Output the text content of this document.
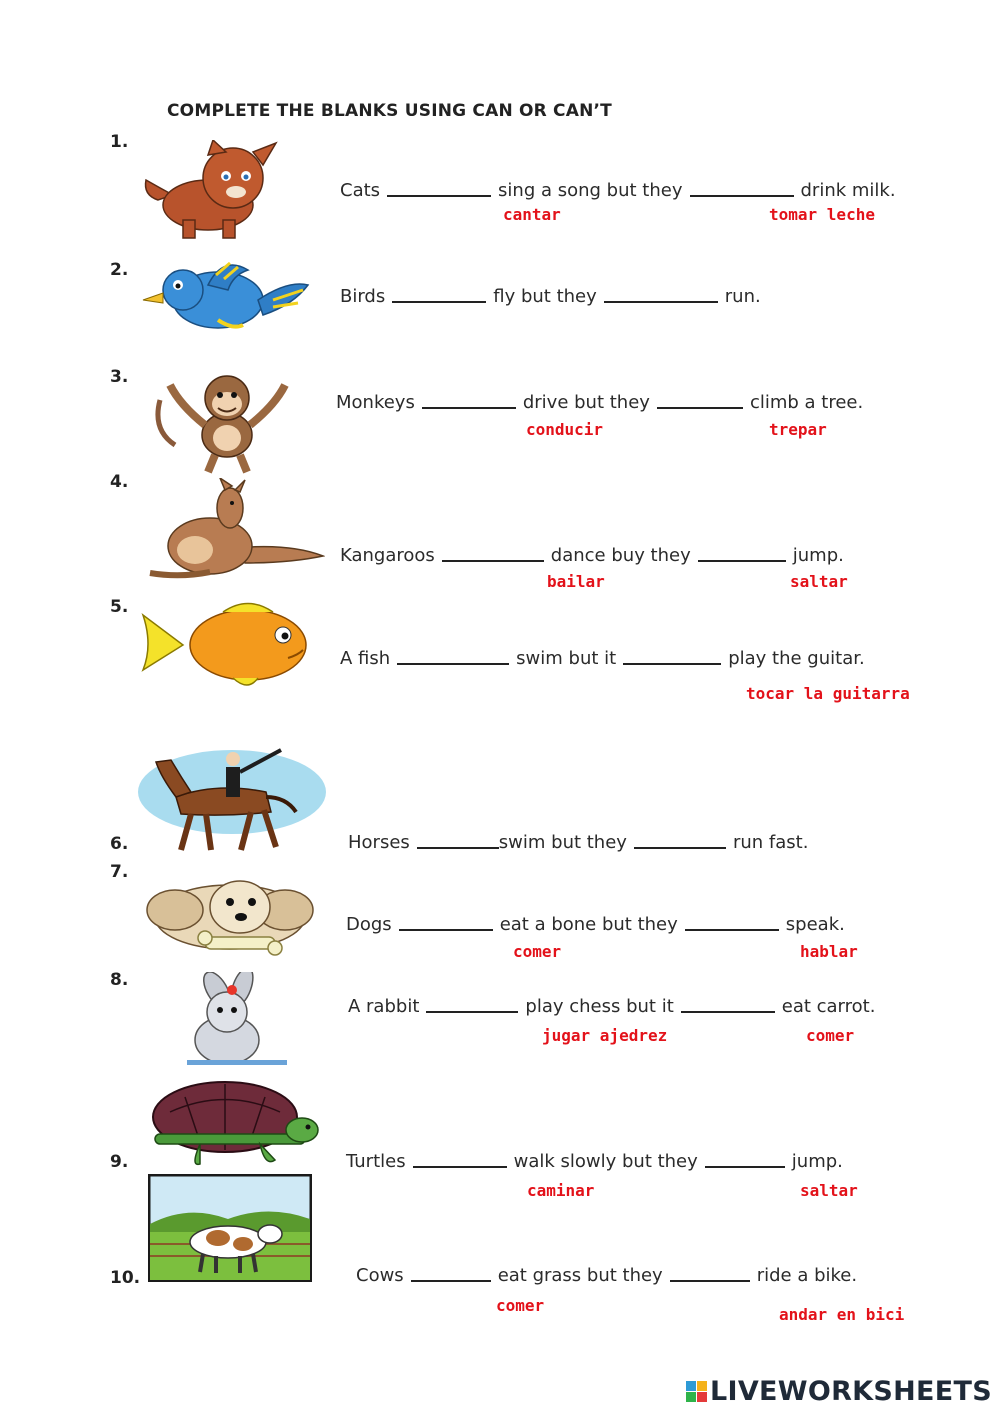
COMPLETE THE BLANKS USING CAN OR CAN’T
1.
Cats	sing a song but they	drink milk.
cantar	tomar leche
2.
Birds	fly but they	run.
3.
Monkeys	drive but they	climb a tree.
conducir	trepar
4.
Kangaroos	dance buy they	jump.
bailar	saltar
5.
A fish	swim but it	play the guitar.
tocar la guitarra
6.	Horses	swim but they	run fast.
7.
Dogs	eat a bone but they	speak.
comer	hablar
8.
A rabbit	play chess but it	eat carrot.
jugar ajedrez	comer
9.	Turtles	walk slowly but they	jump.
caminar	saltar
10.	Cows	eat grass but they	ride a bike.
comer	andar en bici
LIVEWORKSHEETS
